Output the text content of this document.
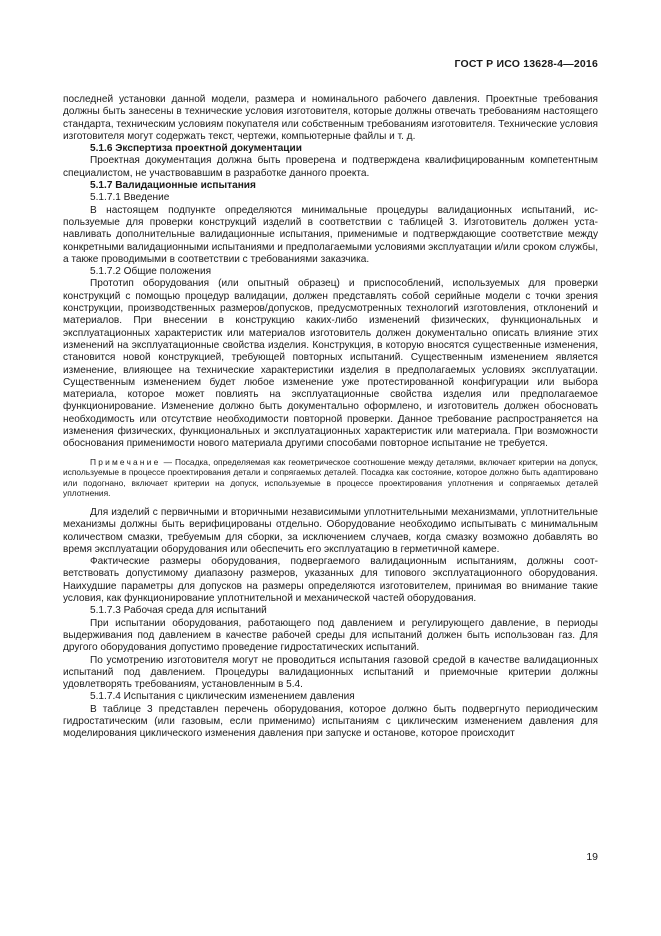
ГОСТ Р ИСО 13628-4—2016

последней установки данной модели, размера и номинального рабочего давления. Проектные требования должны быть занесены в технические условия изготовителя, которые должны отвечать требованиям настоящего стандарта, техническим условиям покупателя или собственным требованиям изготовителя. Технические условия изготовителя могут содержать текст, чертежи, компьютерные файлы и т. д.

5.1.6 Экспертиза проектной документации

Проектная документация должна быть проверена и подтверждена квалифицированным компетентным специалистом, не участвовавшим в разработке данного проекта.

5.1.7 Валидационные испытания

5.1.7.1 Введение

В настоящем подпункте определяются минимальные процедуры валидационных испытаний, используемые для проверки конструкций изделий в соответствии с таблицей 3. Изготовитель должен устанавливать дополнительные валидационные испытания, применимые и подтверждающие соответствие между конкретными валидационными испытаниями и предполагаемыми условиями эксплуатации и/или сроком службы, а также проводимыми в соответствии с требованиями заказчика.

5.1.7.2 Общие положения

Прототип оборудования (или опытный образец) и приспособлений, используемых для проверки конструкций с помощью процедур валидации, должен представлять собой серийные модели с точки зрения конструкции, производственных размеров/допусков, предусмотренных технологий изготовления, отклонений и материалов. При внесении в конструкцию каких-либо изменений физических, функциональных и эксплуатационных характеристик или материалов изготовитель должен документально описать влияние этих изменений на эксплуатационные свойства изделия. Конструкция, в которую вносятся существенные изменения, становится новой конструкцией, требующей повторных испытаний. Существенным изменением является изменение, влияющее на технические характеристики изделия в предполагаемых условиях эксплуатации. Существенным изменением будет любое изменение уже протестированной конфигурации или выбора материала, которое может повлиять на эксплуатационные свойства изделия или предполагаемое функционирование. Изменение должно быть документально оформлено, и изготовитель должен обосновать необходимость или отсутствие необходимости повторной проверки. Данное требование распространяется на изменения физических, функциональных и эксплуатационных характеристик или материала. При возможности обоснования применимости нового материала другими способами повторное испытание не требуется.

Примечание — Посадка, определяемая как геометрическое соотношение между деталями, включает критерии на допуск, используемые в процессе проектирования детали и сопрягаемых деталей. Посадка как состояние, которое должно быть адаптировано или подогнано, включает критерии на допуск, используемые в процессе проектирования уплотнения и сопрягаемых деталей уплотнения.

Для изделий с первичными и вторичными независимыми уплотнительными механизмами, уплотнительные механизмы должны быть верифицированы отдельно. Оборудование необходимо испытывать с минимальным количеством смазки, требуемым для сборки, за исключением случаев, когда смазку возможно добавлять во время эксплуатации оборудования или обеспечить его эксплуатацию в герметичной камере.

Фактические размеры оборудования, подвергаемого валидационным испытаниям, должны соответствовать допустимому диапазону размеров, указанных для типового эксплуатационного оборудования. Наихудшие параметры для допусков на размеры определяются изготовителем, принимая во внимание такие условия, как функционирование уплотнительной и механической частей оборудования.

5.1.7.3 Рабочая среда для испытаний

При испытании оборудования, работающего под давлением и регулирующего давление, в периоды выдерживания под давлением в качестве рабочей среды для испытаний должен быть использован газ. Для другого оборудования допустимо проведение гидростатических испытаний.

По усмотрению изготовителя могут не проводиться испытания газовой средой в качестве валидационных испытаний под давлением. Процедуры валидационных испытаний и приемочные критерии должны удовлетворять требованиям, установленным в 5.4.

5.1.7.4 Испытания с циклическим изменением давления

В таблице 3 представлен перечень оборудования, которое должно быть подвергнуто периодическим гидростатическим (или газовым, если применимо) испытаниям с циклическим изменением давления для моделирования циклического изменения давления при запуске и останове, которое происходит

19
